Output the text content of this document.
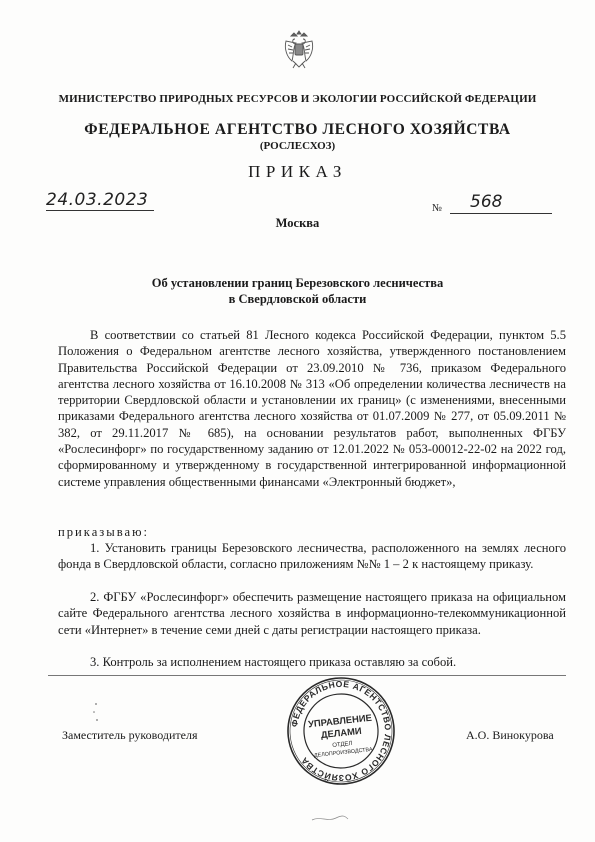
МИНИСТЕРСТВО ПРИРОДНЫХ РЕСУРСОВ И ЭКОЛОГИИ РОССИЙСКОЙ ФЕДЕРАЦИИ
ФЕДЕРАЛЬНОЕ АГЕНТСТВО ЛЕСНОГО ХОЗЯЙСТВА
(РОСЛЕСХОЗ)
ПРИКАЗ
24.03.2023
Москва
№ 568
Об установлении границ Березовского лесничества
в Свердловской области

В соответствии со статьей 81 Лесного кодекса Российской Федерации, пунктом 5.5 Положения о Федеральном агентстве лесного хозяйства, утвержденного постановлением Правительства Российской Федерации от 23.09.2010 № 736, приказом Федерального агентства лесного хозяйства от 16.10.2008 № 313 «Об определении количества лесничеств на территории Свердловской области и установлении их границ» (с изменениями, внесенными приказами Федерального агентства лесного хозяйства от 01.07.2009 № 277, от 05.09.2011 № 382, от 29.11.2017 № 685), на основании результатов работ, выполненных ФГБУ «Рослесинфорг» по государственному заданию от 12.01.2022 № 053-00012-22-02 на 2022 год, сформированному и утвержденному в государственной интегрированной информационной системе управления общественными финансами «Электронный бюджет»,

приказываю:

1. Установить границы Березовского лесничества, расположенного на землях лесного фонда в Свердловской области, согласно приложениям №№ 1 – 2 к настоящему приказу.

2. ФГБУ «Рослесинфорг» обеспечить размещение настоящего приказа на официальном сайте Федерального агентства лесного хозяйства в информационно-телекоммуникационной сети «Интернет» в течение семи дней с даты регистрации настоящего приказа.

3. Контроль за исполнением настоящего приказа оставляю за собой.

Заместитель руководителя
ФЕДЕРАЛЬНОЕ АГЕНТСТВО ЛЕСНОГО ХОЗЯЙСТВА
УПРАВЛЕНИЕ
ДЕЛАМИ
ОТДЕЛ
ДЕЛОПРОИЗВОДСТВА
А.О. Винокурова
